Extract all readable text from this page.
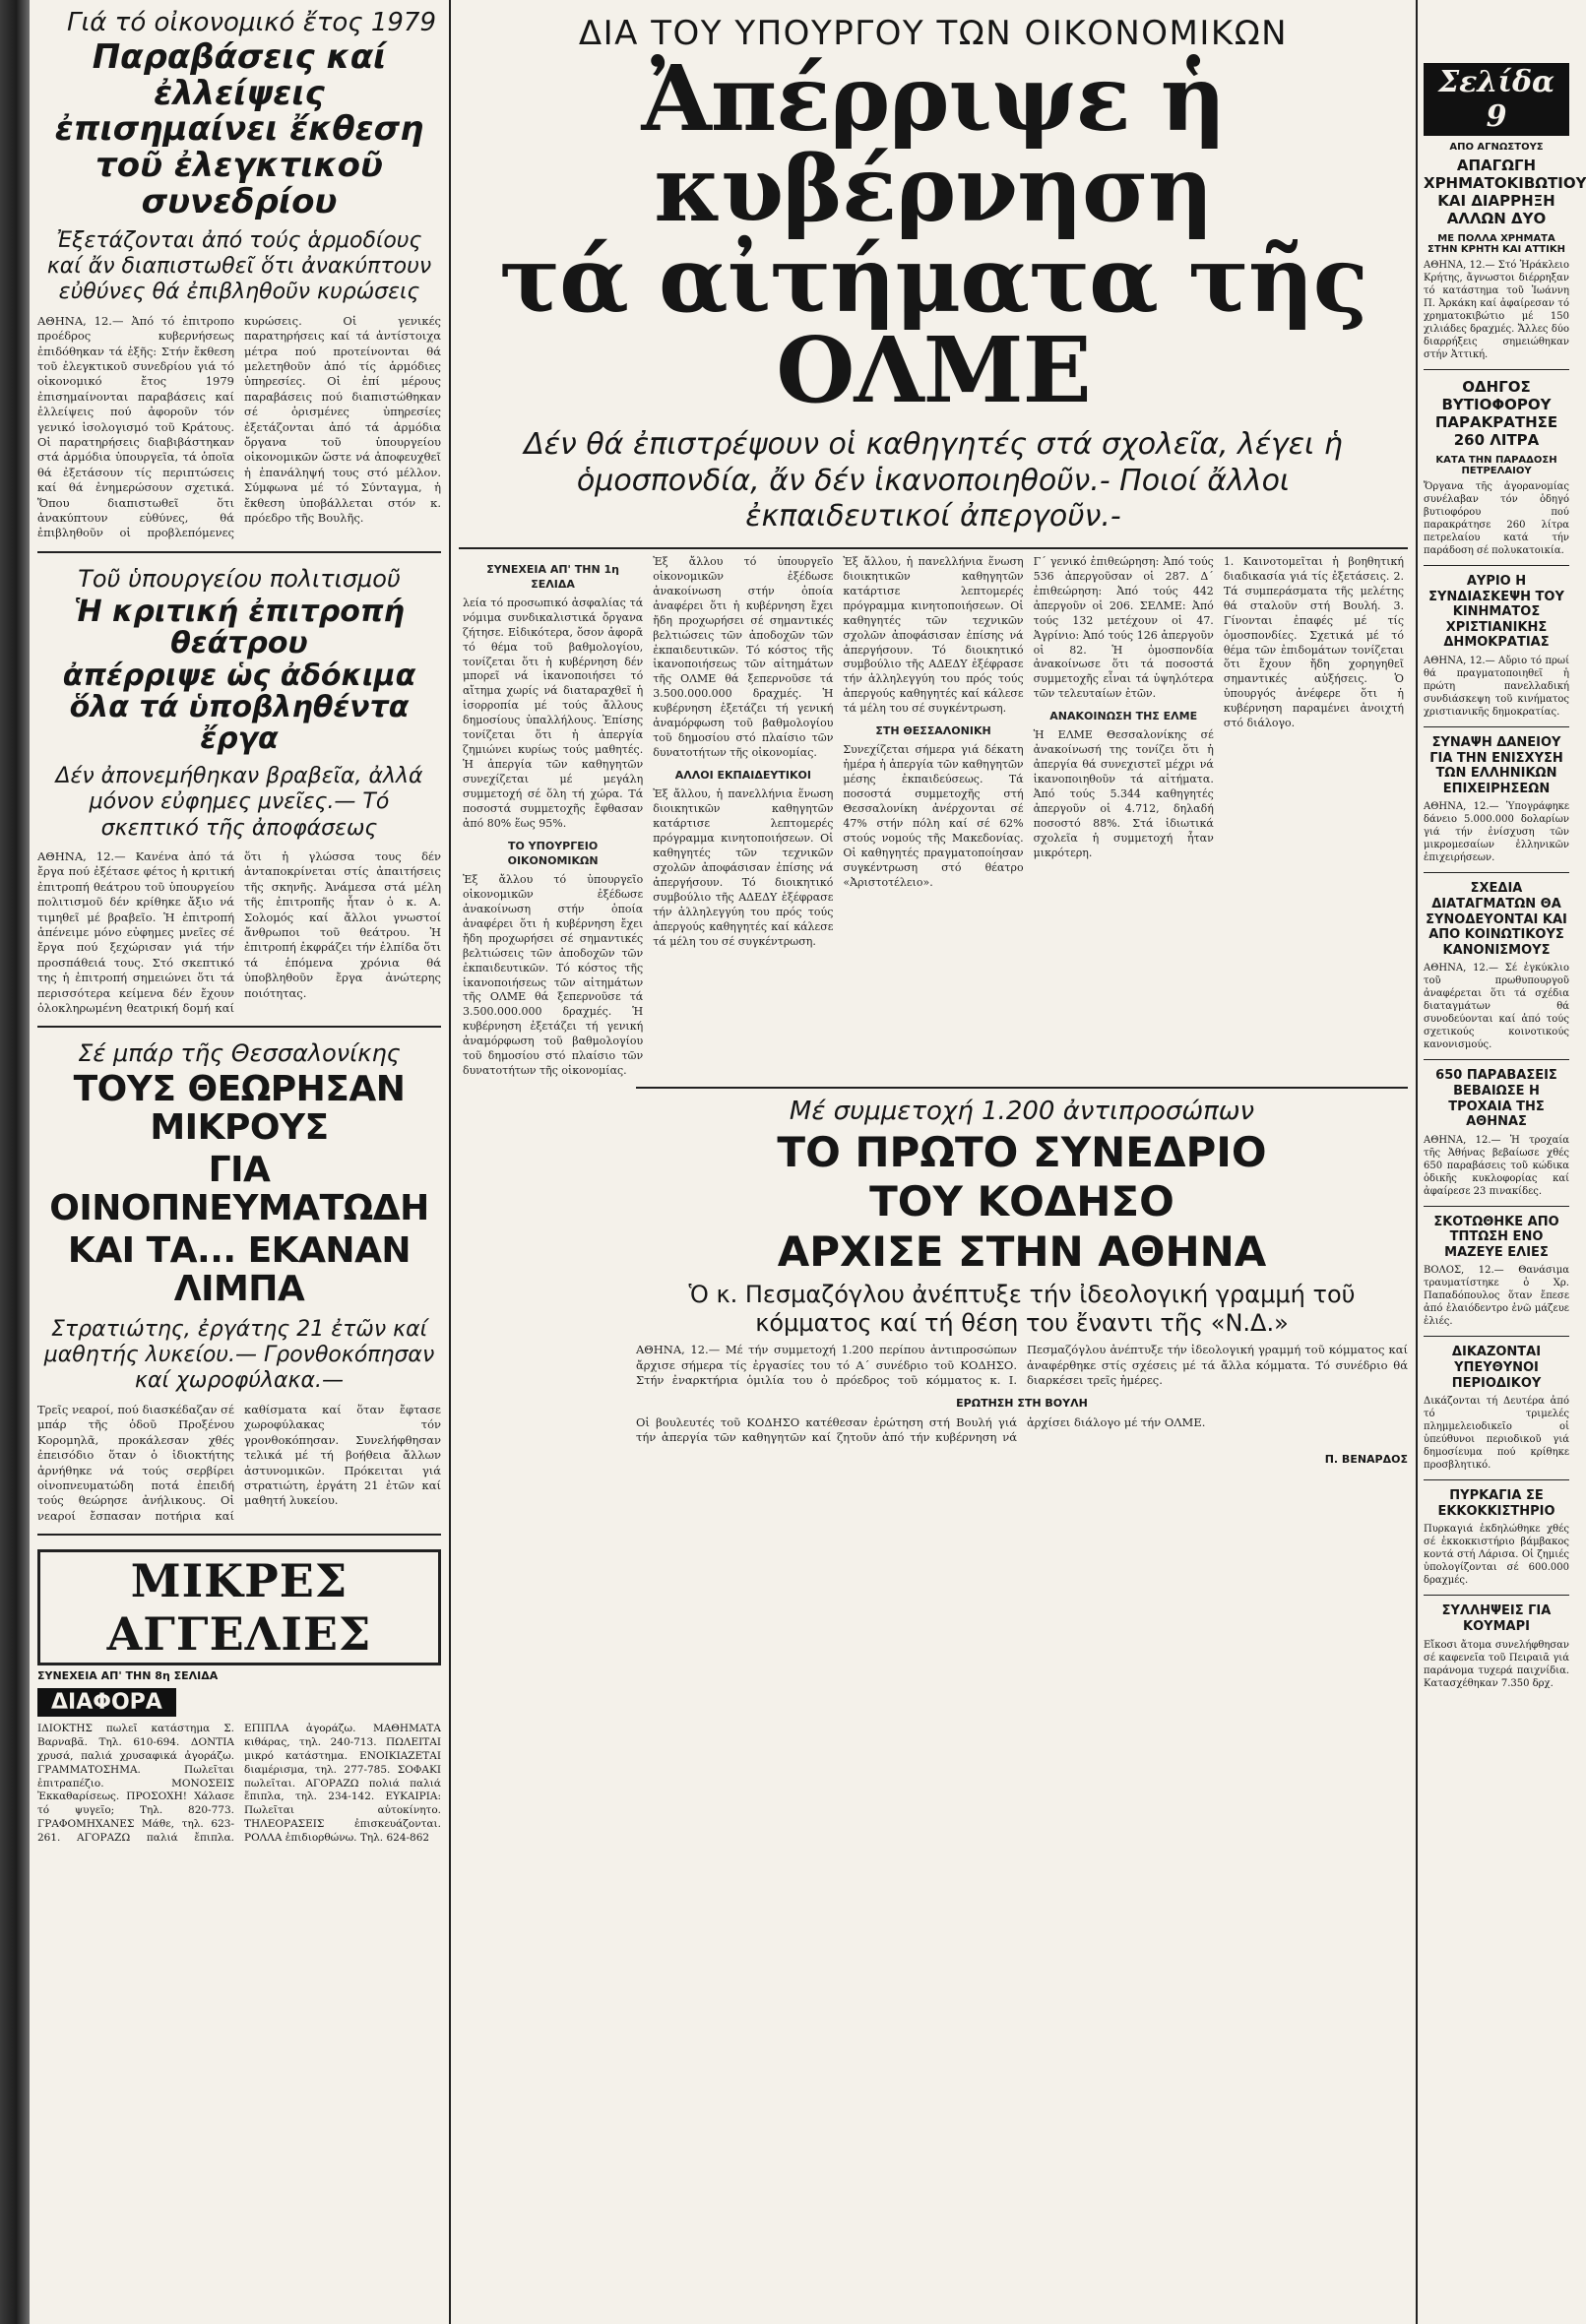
Γιά τό οἰκονομικό ἔτος 1979

Παραβάσεις καί ἐλλείψεις

ἐπισημαίνει ἔκθεση

τοῦ ἐλεγκτικοῦ συνεδρίου

Ἐξετάζονται ἀπό τούς ἁρμοδίους καί ἄν διαπιστωθεῖ ὅτι ἀνακύπτουν εὐθύνες θά ἐπιβληθοῦν κυρώσεις
ΑΘΗΝΑ, 12.— Ἀπό τό ἐπιτροπο προέδρος κυβερνήσεως ἐπιδόθηκαν τά ἑξῆς: Στήν ἔκθεση τοῦ ἐλεγκτικοῦ συνεδρίου γιά τό οἰκονομικό ἔτος 1979 ἐπισημαίνονται παραβάσεις καί ἐλλείψεις πού ἀφοροῦν τόν γενικό ἰσολογισμό τοῦ Κράτους. Οἱ παρατηρήσεις διαβιβάστηκαν στά ἁρμόδια ὑπουργεῖα, τά ὁποῖα θά ἐξετάσουν τίς περιπτώσεις καί θά ἐνημερώσουν σχετικά. Ὅπου διαπιστωθεῖ ὅτι ἀνακύπτουν εὐθύνες, θά ἐπιβληθοῦν οἱ προβλεπόμενες κυρώσεις. Οἱ γενικές παρατηρήσεις καί τά ἀντίστοιχα μέτρα πού προτείνονται θά μελετηθοῦν ἀπό τίς ἁρμόδιες ὑπηρεσίες. Οἱ ἐπί μέρους παραβάσεις πού διαπιστώθηκαν σέ ὁρισμένες ὑπηρεσίες ἐξετάζονται ἀπό τά ἁρμόδια ὄργανα τοῦ ὑπουργείου οἰκονομικῶν ὥστε νά ἀποφευχθεῖ ἡ ἐπανάληψή τους στό μέλλον. Σύμφωνα μέ τό Σύνταγμα, ἡ ἔκθεση ὑποβάλλεται στόν κ. πρόεδρο τῆς Βουλῆς.
Τοῦ ὑπουργείου πολιτισμοῦ

Ἡ κριτική ἐπιτροπή θεάτρου

ἀπέρριψε ὡς ἀδόκιμα

ὅλα τά ὑποβληθέντα ἔργα

Δέν ἀπονεμήθηκαν βραβεῖα, ἀλλά μόνον εὐφημες μνεῖες.— Τό σκεπτικό τῆς ἀποφάσεως
ΑΘΗΝΑ, 12.— Κανένα ἀπό τά ἔργα πού ἐξέτασε φέτος ἡ κριτική ἐπιτροπή θεάτρου τοῦ ὑπουργείου πολιτισμοῦ δέν κρίθηκε ἄξιο νά τιμηθεῖ μέ βραβεῖο. Ἡ ἐπιτροπή ἀπένειμε μόνο εὐφημες μνεῖες σέ ἔργα πού ξεχώρισαν γιά τήν προσπάθειά τους. Στό σκεπτικό της ἡ ἐπιτροπή σημειώνει ὅτι τά περισσότερα κείμενα δέν ἔχουν ὁλοκληρωμένη θεατρική δομή καί ὅτι ἡ γλώσσα τους δέν ἀνταποκρίνεται στίς ἀπαιτήσεις τῆς σκηνῆς. Ἀνάμεσα στά μέλη τῆς ἐπιτροπῆς ἦταν ὁ κ. Α. Σολομός καί ἄλλοι γνωστοί ἄνθρωποι τοῦ θεάτρου. Ἡ ἐπιτροπή ἐκφράζει τήν ἐλπίδα ὅτι τά ἑπόμενα χρόνια θά ὑποβληθοῦν ἔργα ἀνώτερης ποιότητας.
Σέ μπάρ τῆς Θεσσαλονίκης
ΤΟΥΣ ΘΕΩΡΗΣΑΝ ΜΙΚΡΟΥΣ
ΓΙΑ ΟΙΝΟΠΝΕΥΜΑΤΩΔΗ
ΚΑΙ ΤΑ... ΕΚΑΝΑΝ ΛΙΜΠΑ
Στρατιώτης, ἐργάτης 21 ἐτῶν καί μαθητής λυκείου.— Γρονθοκόπησαν καί χωροφύλακα.—
Τρεῖς νεαροί, πού διασκέδαζαν σέ μπάρ τῆς ὁδοῦ Προξένου Κορομηλᾶ, προκάλεσαν χθές ἐπεισόδιο ὅταν ὁ ἰδιοκτήτης ἀρνήθηκε νά τούς σερβίρει οἰνοπνευματώδη ποτά ἐπειδή τούς θεώρησε ἀνήλικους. Οἱ νεαροί ἔσπασαν ποτήρια καί καθίσματα καί ὅταν ἔφτασε χωροφύλακας τόν γρονθοκόπησαν. Συνελήφθησαν τελικά μέ τή βοήθεια ἄλλων ἀστυνομικῶν. Πρόκειται γιά στρατιώτη, ἐργάτη 21 ἐτῶν καί μαθητή λυκείου.
ΜΙΚΡΕΣ ΑΓΓΕΛΙΕΣ
ΣΥΝΕΧΕΙΑ ΑΠ' ΤΗΝ 8η ΣΕΛΙΔΑ
ΔΙΑΦΟΡΑ
ΙΔΙΟΚΤΗΣ πωλεῖ κατάστημα Σ. Βαρναβᾶ. Τηλ. 610-694. ΔΟΝΤΙΑ χρυσά, παλιά χρυσαφικά ἀγοράζω. ΓΡΑΜΜΑΤΟΣΗΜΑ. Πωλεῖται ἐπιτραπέζιο. ΜΟΝΟΣΕΙΣ Ἐκκαθαρίσεως. ΠΡΟΣΟΧΗ! Χάλασε τό ψυγεῖο; Τηλ. 820-773. ΓΡΑΦΟΜΗΧΑΝΕΣ Μάθε, τηλ. 623-261. ΑΓΟΡΑΖΩ παλιά ἔπιπλα. ΕΠΙΠΛΑ ἀγοράζω. ΜΑΘΗΜΑΤΑ κιθάρας, τηλ. 240-713. ΠΩΛΕΙΤΑΙ μικρό κατάστημα. ΕΝΟΙΚΙΑΖΕΤΑΙ διαμέρισμα, τηλ. 277-785. ΣΟΦΑΚΙ πωλεῖται. ΑΓΟΡΑΖΩ πολιά παλιά ἔπιπλα, τηλ. 234-142. ΕΥΚΑΙΡΙΑ: Πωλεῖται αὐτοκίνητο. ΤΗΛΕΟΡΑΣΕΙΣ ἐπισκευάζονται. ΡΟΛΛΑ ἐπιδιορθώνω. Τηλ. 624-862
ΔΙΑ ΤΟΥ ΥΠΟΥΡΓΟΥ ΤΩΝ ΟΙΚΟΝΟΜΙΚΩΝ
Ἀπέρριψε ἡ κυβέρνηση
τά αἰτήματα τῆς ΟΛΜΕ
Δέν θά ἐπιστρέψουν οἱ καθηγητές στά σχολεῖα, λέγει ἡ ὁμοσπονδία, ἄν δέν ἱκανοποιηθοῦν.- Ποιοί ἄλλοι ἐκπαιδευτικοί ἀπεργοῦν.-
ΣΥΝΕΧΕΙΑ ΑΠ' ΤΗΝ 1η ΣΕΛΙΔΑ
λεία τό προσωπικό ἀσφαλίας τά νόμιμα συνδικαλιστικά ὄργανα ζήτησε. Εἰδικότερα, ὅσον ἀφορᾶ τό θέμα τοῦ βαθμολογίου, τονίζεται ὅτι ἡ κυβέρνηση δέν μπορεῖ νά ἱκανοποιήσει τό αἴτημα χωρίς νά διαταραχθεῖ ἡ ἰσορροπία μέ τούς ἄλλους δημοσίους ὑπαλλήλους. Ἐπίσης τονίζεται ὅτι ἡ ἀπεργία ζημιώνει κυρίως τούς μαθητές. Ἡ ἀπεργία τῶν καθηγητῶν συνεχίζεται μέ μεγάλη συμμετοχή σέ ὅλη τή χώρα. Τά ποσοστά συμμετοχῆς ἔφθασαν ἀπό 80% ἕως 95%.
ΤΟ ΥΠΟΥΡΓΕΙΟ ΟΙΚΟΝΟΜΙΚΩΝ
Ἐξ ἄλλου τό ὑπουργεῖο οἰκονομικῶν ἐξέδωσε ἀνακοίνωση στήν ὁποία ἀναφέρει ὅτι ἡ κυβέρνηση ἔχει ἤδη προχωρήσει σέ σημαντικές βελτιώσεις τῶν ἀποδοχῶν τῶν ἐκπαιδευτικῶν. Τό κόστος τῆς ἱκανοποιήσεως τῶν αἰτημάτων τῆς ΟΛΜΕ θά ξεπερνοῦσε τά 3.500.000.000 δραχμές. Ἡ κυβέρνηση ἐξετάζει τή γενική ἀναμόρφωση τοῦ βαθμολογίου τοῦ δημοσίου στό πλαίσιο τῶν δυνατοτήτων τῆς οἰκονομίας.
Ἐξ ἄλλου τό ὑπουργεῖο οἰκονομικῶν ἐξέδωσε ἀνακοίνωση στήν ὁποία ἀναφέρει ὅτι ἡ κυβέρνηση ἔχει ἤδη προχωρήσει σέ σημαντικές βελτιώσεις τῶν ἀποδοχῶν τῶν ἐκπαιδευτικῶν. Τό κόστος τῆς ἱκανοποιήσεως τῶν αἰτημάτων τῆς ΟΛΜΕ θά ξεπερνοῦσε τά 3.500.000.000 δραχμές. Ἡ κυβέρνηση ἐξετάζει τή γενική ἀναμόρφωση τοῦ βαθμολογίου τοῦ δημοσίου στό πλαίσιο τῶν δυνατοτήτων τῆς οἰκονομίας.
ΑΛΛΟΙ ΕΚΠΑΙΔΕΥΤΙΚΟΙ
Ἐξ ἄλλου, ἡ πανελλήνια ἕνωση διοικητικῶν καθηγητῶν κατάρτισε λεπτομερές πρόγραμμα κινητοποιήσεων. Οἱ καθηγητές τῶν τεχνικῶν σχολῶν ἀποφάσισαν ἐπίσης νά ἀπεργήσουν. Τό διοικητικό συμβούλιο τῆς ΑΔΕΔΥ ἐξέφρασε τήν ἀλληλεγγύη του πρός τούς ἀπεργούς καθηγητές καί κάλεσε τά μέλη του σέ συγκέντρωση.
Ἐξ ἄλλου, ἡ πανελλήνια ἕνωση διοικητικῶν καθηγητῶν κατάρτισε λεπτομερές πρόγραμμα κινητοποιήσεων. Οἱ καθηγητές τῶν τεχνικῶν σχολῶν ἀποφάσισαν ἐπίσης νά ἀπεργήσουν. Τό διοικητικό συμβούλιο τῆς ΑΔΕΔΥ ἐξέφρασε τήν ἀλληλεγγύη του πρός τούς ἀπεργούς καθηγητές καί κάλεσε τά μέλη του σέ συγκέντρωση.
ΣΤΗ ΘΕΣΣΑΛΟΝΙΚΗ
Συνεχίζεται σήμερα γιά δέκατη ἡμέρα ἡ ἀπεργία τῶν καθηγητῶν μέσης ἐκπαιδεύσεως. Τά ποσοστά συμμετοχῆς στή Θεσσαλονίκη ἀνέρχονται σέ 47% στήν πόλη καί σέ 62% στούς νομούς τῆς Μακεδονίας. Οἱ καθηγητές πραγματοποίησαν συγκέντρωση στό θέατρο «Ἀριστοτέλειο».
Γ΄ γενικό ἐπιθεώρηση: Ἀπό τούς 536 ἀπεργοῦσαν οἱ 287. Δ΄ ἐπιθεώρηση: Ἀπό τούς 442 ἀπεργοῦν οἱ 206. ΣΕΛΜΕ: Ἀπό τούς 132 μετέχουν οἱ 47. Ἀγρίνιο: Ἀπό τούς 126 ἀπεργοῦν οἱ 82. Ἡ ὁμοσπονδία ἀνακοίνωσε ὅτι τά ποσοστά συμμετοχῆς εἶναι τά ὑψηλότερα τῶν τελευταίων ἐτῶν.
ΑΝΑΚΟΙΝΩΣΗ ΤΗΣ ΕΛΜΕ
Ἡ ΕΛΜΕ Θεσσαλονίκης σέ ἀνακοίνωσή της τονίζει ὅτι ἡ ἀπεργία θά συνεχιστεῖ μέχρι νά ἱκανοποιηθοῦν τά αἰτήματα. Ἀπό τούς 5.344 καθηγητές ἀπεργοῦν οἱ 4.712, δηλαδή ποσοστό 88%. Στά ἰδιωτικά σχολεῖα ἡ συμμετοχή ἦταν μικρότερη.
1. Καινοτομεῖται ἡ βοηθητική διαδικασία γιά τίς ἐξετάσεις. 2. Τά συμπεράσματα τῆς μελέτης θά σταλοῦν στή Βουλή. 3. Γίνονται ἐπαφές μέ τίς ὁμοσπονδίες. Σχετικά μέ τό θέμα τῶν ἐπιδομάτων τονίζεται ὅτι ἔχουν ἤδη χορηγηθεῖ σημαντικές αὐξήσεις. Ὁ ὑπουργός ἀνέφερε ὅτι ἡ κυβέρνηση παραμένει ἀνοιχτή στό διάλογο.
Μέ συμμετοχή 1.200 ἀντιπροσώπων
ΤΟ ΠΡΩΤΟ ΣΥΝΕΔΡΙΟ
ΤΟΥ ΚΟΔΗΣΟ
ΑΡΧΙΣΕ ΣΤΗΝ ΑΘΗΝΑ
Ὁ κ. Πεσμαζόγλου ἀνέπτυξε τήν ἰδεολογική γραμμή τοῦ κόμματος καί τή θέση του ἔναντι τῆς «Ν.Δ.»
ΑΘΗΝΑ, 12.— Μέ τήν συμμετοχή 1.200 περίπου ἀντιπροσώπων ἄρχισε σήμερα τίς ἐργασίες του τό Α΄ συνέδριο τοῦ ΚΟΔΗΣΟ. Στήν ἐναρκτήρια ὁμιλία του ὁ πρόεδρος τοῦ κόμματος κ. Ι. Πεσμαζόγλου ἀνέπτυξε τήν ἰδεολογική γραμμή τοῦ κόμματος καί ἀναφέρθηκε στίς σχέσεις μέ τά ἄλλα κόμματα. Τό συνέδριο θά διαρκέσει τρεῖς ἡμέρες.
ΕΡΩΤΗΣΗ ΣΤΗ ΒΟΥΛΗ
Οἱ βουλευτές τοῦ ΚΟΔΗΣΟ κατέθεσαν ἐρώτηση στή Βουλή γιά τήν ἀπεργία τῶν καθηγητῶν καί ζητοῦν ἀπό τήν κυβέρνηση νά ἀρχίσει διάλογο μέ τήν ΟΛΜΕ.
Π. ΒΕΝΑΡΔΟΣ
Σελίδα 9
ΑΠΟ ΑΓΝΩΣΤΟΥΣ
ΑΠΑΓΩΓΗ ΧΡΗΜΑΤΟΚΙΒΩΤΙΟΥ ΚΑΙ ΔΙΑΡΡΗΞΗ ΑΛΛΩΝ ΔΥΟ
ΜΕ ΠΟΛΛΑ ΧΡΗΜΑΤΑ ΣΤΗΝ ΚΡΗΤΗ ΚΑΙ ΑΤΤΙΚΗ
ΑΘΗΝΑ, 12.— Στό Ἡράκλειο Κρήτης, ἄγνωστοι διέρρηξαν τό κατάστημα τοῦ Ἰωάννη Π. Ἀρκάκη καί ἀφαίρεσαν τό χρηματοκιβώτιο μέ 150 χιλιάδες δραχμές. Ἄλλες δύο διαρρήξεις σημειώθηκαν στήν Ἀττική.
ΟΔΗΓΟΣ ΒΥΤΙΟΦΟΡΟΥ ΠΑΡΑΚΡΑΤΗΣΕ 260 ΛΙΤΡΑ
ΚΑΤΑ ΤΗΝ ΠΑΡΑΔΟΣΗ ΠΕΤΡΕΛΑΙΟΥ
Ὄργανα τῆς ἀγορανομίας συνέλαβαν τόν ὁδηγό βυτιοφόρου πού παρακράτησε 260 λίτρα πετρελαίου κατά τήν παράδοση σέ πολυκατοικία.
ΑΥΡΙΟ Η ΣΥΝΔΙΑΣΚΕΨΗ ΤΟΥ ΚΙΝΗΜΑΤΟΣ ΧΡΙΣΤΙΑΝΙΚΗΣ ΔΗΜΟΚΡΑΤΙΑΣ
ΑΘΗΝΑ, 12.— Αὔριο τό πρωί θά πραγματοποιηθεῖ ἡ πρώτη πανελλαδική συνδιάσκεψη τοῦ κινήματος χριστιανικῆς δημοκρατίας.
ΣΥΝΑΨΗ ΔΑΝΕΙΟΥ ΓΙΑ ΤΗΝ ΕΝΙΣΧΥΣΗ ΤΩΝ ΕΛΛΗΝΙΚΩΝ ΕΠΙΧΕΙΡΗΣΕΩΝ
ΑΘΗΝΑ, 12.— Ὑπογράφηκε δάνειο 5.000.000 δολαρίων γιά τήν ἐνίσχυση τῶν μικρομεσαίων ἑλληνικῶν ἐπιχειρήσεων.
ΣΧΕΔΙΑ ΔΙΑΤΑΓΜΑΤΩΝ ΘΑ ΣΥΝΟΔΕΥΟΝΤΑΙ ΚΑΙ ΑΠΟ ΚΟΙΝΩΤΙΚΟΥΣ ΚΑΝΟΝΙΣΜΟΥΣ
ΑΘΗΝΑ, 12.— Σέ ἐγκύκλιο τοῦ πρωθυπουργοῦ ἀναφέρεται ὅτι τά σχέδια διαταγμάτων θά συνοδεύονται καί ἀπό τούς σχετικούς κοινοτικούς κανονισμούς.
650 ΠΑΡΑΒΑΣΕΙΣ ΒΕΒΑΙΩΣΕ Η ΤΡΟΧΑΙΑ ΤΗΣ ΑΘΗΝΑΣ
ΑΘΗΝΑ, 12.— Ἡ τροχαία τῆς Ἀθήνας βεβαίωσε χθές 650 παραβάσεις τοῦ κώδικα ὁδικῆς κυκλοφορίας καί ἀφαίρεσε 23 πινακίδες.
ΣΚΟΤΩΘΗΚΕ ΑΠΟ ΤΠΤΩΣΗ ΕΝΟ ΜΑΖΕΥΕ ΕΛΙΕΣ
ΒΟΛΟΣ, 12.— Θανάσιμα τραυματίστηκε ὁ Χρ. Παπαδόπουλος ὅταν ἔπεσε ἀπό ἐλαιόδεντρο ἐνῶ μάζευε ἐλιές.
ΔΙΚΑΖΟΝΤΑΙ ΥΠΕΥΘΥΝΟΙ ΠΕΡΙΟΔΙΚΟΥ
Δικάζονται τή Δευτέρα ἀπό τό τριμελές πλημμελειοδικεῖο οἱ ὑπεύθυνοι περιοδικοῦ γιά δημοσίευμα πού κρίθηκε προσβλητικό.
ΠΥΡΚΑΓΙΑ ΣΕ ΕΚΚΟΚΚΙΣΤΗΡΙΟ
Πυρκαγιά ἐκδηλώθηκε χθές σέ ἐκκοκκιστήριο βάμβακος κοντά στή Λάρισα. Οἱ ζημιές ὑπολογίζονται σέ 600.000 δραχμές.
ΣΥΛΛΗΨΕΙΣ ΓΙΑ ΚΟΥΜΑΡΙ
Εἴκοσι ἄτομα συνελήφθησαν σέ καφενεῖα τοῦ Πειραιᾶ γιά παράνομα τυχερά παιχνίδια. Κατασχέθηκαν 7.350 δρχ.
